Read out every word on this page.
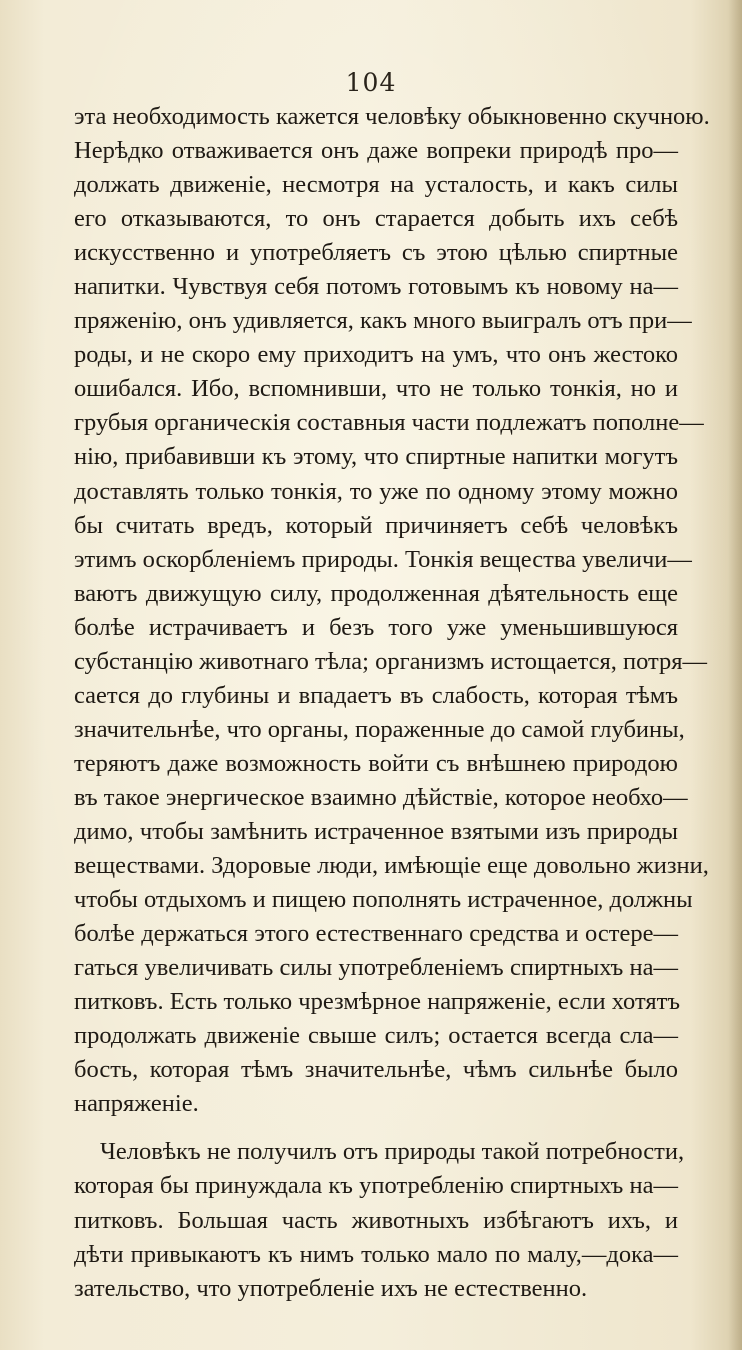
104
эта необходимость кажется человѣку обыкновенно скучною.
Нерѣдко отваживается онъ даже вопреки природѣ про—
должать движенiе, несмотря на усталость, и какъ силы
его отказываются, то онъ старается добыть ихъ себѣ
искусственно и употребляетъ съ этою цѣлью спиртные
напитки. Чувствуя себя потомъ готовымъ къ новому на—
пряженiю, онъ удивляется, какъ много выигралъ отъ при—
роды, и не скоро ему приходитъ на умъ, что онъ жестоко
ошибался. Ибо, вспомнивши, что не только тонкiя, но и
грубыя органическiя составныя части подлежатъ пополне—
нiю, прибавивши къ этому, что спиртные напитки могутъ
доставлять только тонкiя, то уже по одному этому можно
бы считать вредъ, который причиняетъ себѣ человѣкъ
этимъ оскорбленiемъ природы. Тонкiя вещества увеличи—
ваютъ движущую силу, продолженная дѣятельность еще
болѣе истрачиваетъ и безъ того уже уменьшившуюся
субстанцiю животнаго тѣла; организмъ истощается, потря—
сается до глубины и впадаетъ въ слабость, которая тѣмъ
значительнѣе, что органы, пораженные до самой глубины,
теряютъ даже возможность войти съ внѣшнею природою
въ такое энергическое взаимно дѣйствiе, которое необхо—
димо, чтобы замѣнить истраченное взятыми изъ природы
веществами. Здоровые люди, имѣющiе еще довольно жизни,
чтобы отдыхомъ и пищею пополнять истраченное, должны
болѣе держаться этого естественнаго средства и остере—
гаться увеличивать силы употребленiемъ спиртныхъ на—
питковъ. Есть только чрезмѣрное напряженiе, если хотятъ
продолжать движенiе свыше силъ; остается всегда сла—
бость, которая тѣмъ значительнѣе, чѣмъ сильнѣе было
напряженiе.
Человѣкъ не получилъ отъ природы такой потребности,
которая бы принуждала къ употребленiю спиртныхъ на—
питковъ. Большая часть животныхъ избѣгаютъ ихъ, и
дѣти привыкаютъ къ нимъ только мало по малу,—дока—
зательство, что употребленiе ихъ не естественно.
